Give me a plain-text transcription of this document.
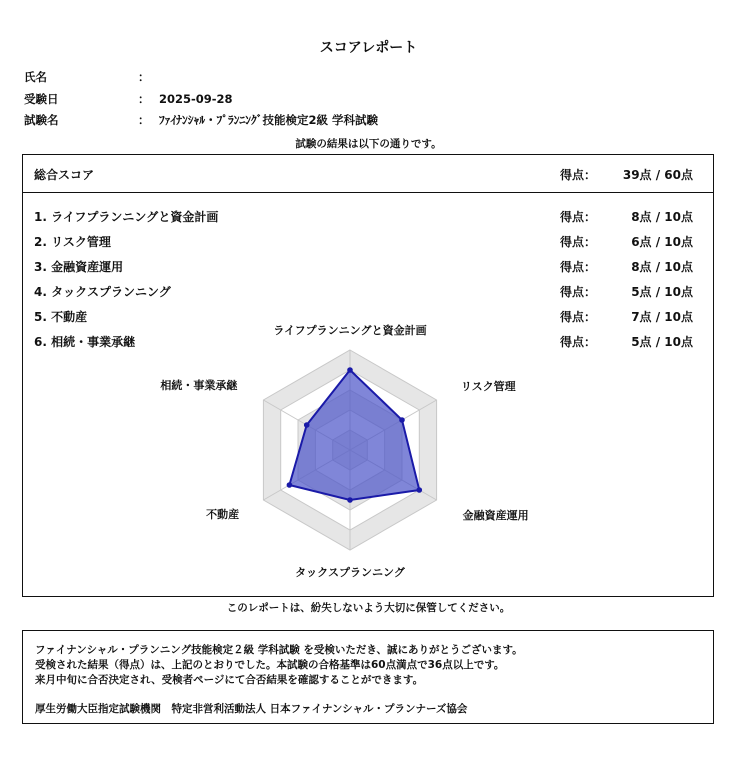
スコアレポート
氏名	：
受験日	： 2025-09-28
試験名	： ﾌｧｲﾅﾝｼｬﾙ・ﾌﾟﾗﾝﾆﾝｸﾞ技能検定2級 学科試験
試験の結果は以下の通りです。
総合スコア	得点： 39点 / 60点
1. ライフプランニングと資金計画	得点：	8点 / 10点
2. リスク管理	得点：	6点 / 10点
3. 金融資産運用	得点：	8点 / 10点
4. タックスプランニング	得点：	5点 / 10点
5. 不動産	得点：	7点 / 10点
6. 相続・事業承継	得点：	5点 / 10点
ライフプランニングと資金計画
リスク管理
金融資産運用
タックスプランニング
不動産
相続・事業承継
このレポートは、紛失しないよう大切に保管してください。
ファイナンシャル・プランニング技能検定２級 学科試験 を受検いただき、誠にありがとうございます。
受検された結果（得点）は、上記のとおりでした。本試験の合格基準は60点満点で36点以上です。
来月中旬に合否決定され、受検者ページにて合否結果を確認することができます。
厚生労働大臣指定試験機関　特定非営利活動法人 日本ファイナンシャル・プランナーズ協会
